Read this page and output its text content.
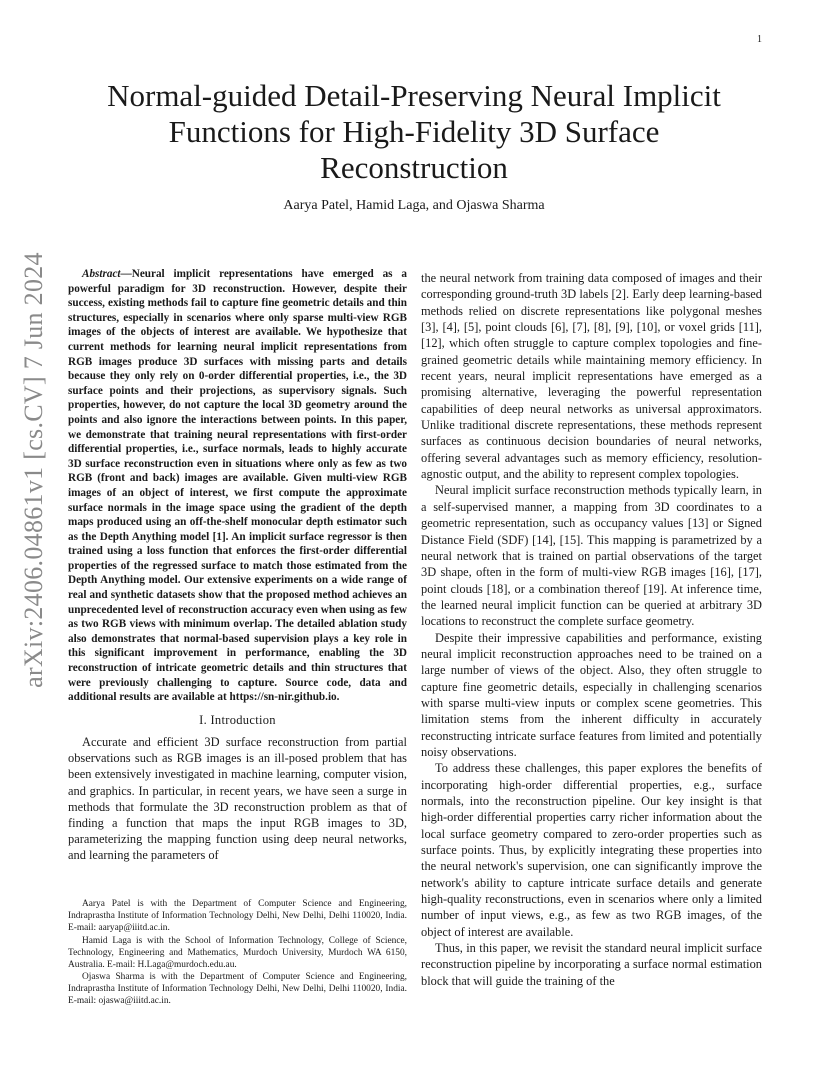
1
arXiv:2406.04861v1 [cs.CV] 7 Jun 2024
Normal-guided Detail-Preserving Neural Implicit
Functions for High-Fidelity 3D Surface
Reconstruction
Aarya Patel, Hamid Laga, and Ojaswa Sharma

Abstract—Neural implicit representations have emerged as a powerful paradigm for 3D reconstruction. However, despite their success, existing methods fail to capture fine geometric details and thin structures, especially in scenarios where only sparse multi-view RGB images of the objects of interest are available. We hypothesize that current methods for learning neural implicit representations from RGB images produce 3D surfaces with missing parts and details because they only rely on 0-order differential properties, i.e., the 3D surface points and their projections, as supervisory signals. Such properties, however, do not capture the local 3D geometry around the points and also ignore the interactions between points. In this paper, we demonstrate that training neural representations with first-order differential properties, i.e., surface normals, leads to highly accurate 3D surface reconstruction even in situations where only as few as two RGB (front and back) images are available. Given multi-view RGB images of an object of interest, we first compute the approximate surface normals in the image space using the gradient of the depth maps produced using an off-the-shelf monocular depth estimator such as the Depth Anything model [1]. An implicit surface regressor is then trained using a loss function that enforces the first-order differential properties of the regressed surface to match those estimated from the Depth Anything model. Our extensive experiments on a wide range of real and synthetic datasets show that the proposed method achieves an unprecedented level of reconstruction accuracy even when using as few as two RGB views with minimum overlap. The detailed ablation study also demonstrates that normal-based supervision plays a key role in this significant improvement in performance, enabling the 3D reconstruction of intricate geometric details and thin structures that were previously challenging to capture. Source code, data and additional results are available at https://sn-nir.github.io.

I. Introduction

Accurate and efficient 3D surface reconstruction from partial observations such as RGB images is an ill-posed problem that has been extensively investigated in machine learning, computer vision, and graphics. In particular, in recent years, we have seen a surge in methods that formulate the 3D reconstruction problem as that of finding a function that maps the input RGB images to 3D, parameterizing the mapping function using deep neural networks, and learning the parameters of

Aarya Patel is with the Department of Computer Science and Engineering, Indraprastha Institute of Information Technology Delhi, New Delhi, Delhi 110020, India. E-mail: aaryap@iiitd.ac.in.

Hamid Laga is with the School of Information Technology, College of Science, Technology, Engineering and Mathematics, Murdoch University, Murdoch WA 6150, Australia. E-mail: H.Laga@murdoch.edu.au.

Ojaswa Sharma is with the Department of Computer Science and Engineering, Indraprastha Institute of Information Technology Delhi, New Delhi, Delhi 110020, India. E-mail: ojaswa@iiitd.ac.in.

the neural network from training data composed of images and their corresponding ground-truth 3D labels [2]. Early deep learning-based methods relied on discrete representations like polygonal meshes [3], [4], [5], point clouds [6], [7], [8], [9], [10], or voxel grids [11], [12], which often struggle to capture complex topologies and fine-grained geometric details while maintaining memory efficiency. In recent years, neural implicit representations have emerged as a promising alternative, leveraging the powerful representation capabilities of deep neural networks as universal approximators. Unlike traditional discrete representations, these methods represent surfaces as continuous decision boundaries of neural networks, offering several advantages such as memory efficiency, resolution-agnostic output, and the ability to represent complex topologies.

Neural implicit surface reconstruction methods typically learn, in a self-supervised manner, a mapping from 3D coordinates to a geometric representation, such as occupancy values [13] or Signed Distance Field (SDF) [14], [15]. This mapping is parametrized by a neural network that is trained on partial observations of the target 3D shape, often in the form of multi-view RGB images [16], [17], point clouds [18], or a combination thereof [19]. At inference time, the learned neural implicit function can be queried at arbitrary 3D locations to reconstruct the complete surface geometry.

Despite their impressive capabilities and performance, existing neural implicit reconstruction approaches need to be trained on a large number of views of the object. Also, they often struggle to capture fine geometric details, especially in challenging scenarios with sparse multi-view inputs or complex scene geometries. This limitation stems from the inherent difficulty in accurately reconstructing intricate surface features from limited and potentially noisy observations.

To address these challenges, this paper explores the benefits of incorporating high-order differential properties, e.g., surface normals, into the reconstruction pipeline. Our key insight is that high-order differential properties carry richer information about the local surface geometry compared to zero-order properties such as surface points. Thus, by explicitly integrating these properties into the neural network's supervision, one can significantly improve the network's ability to capture intricate surface details and generate high-quality reconstructions, even in scenarios where only a limited number of input views, e.g., as few as two RGB images, of the object of interest are available.

Thus, in this paper, we revisit the standard neural implicit surface reconstruction pipeline by incorporating a surface normal estimation block that will guide the training of the
